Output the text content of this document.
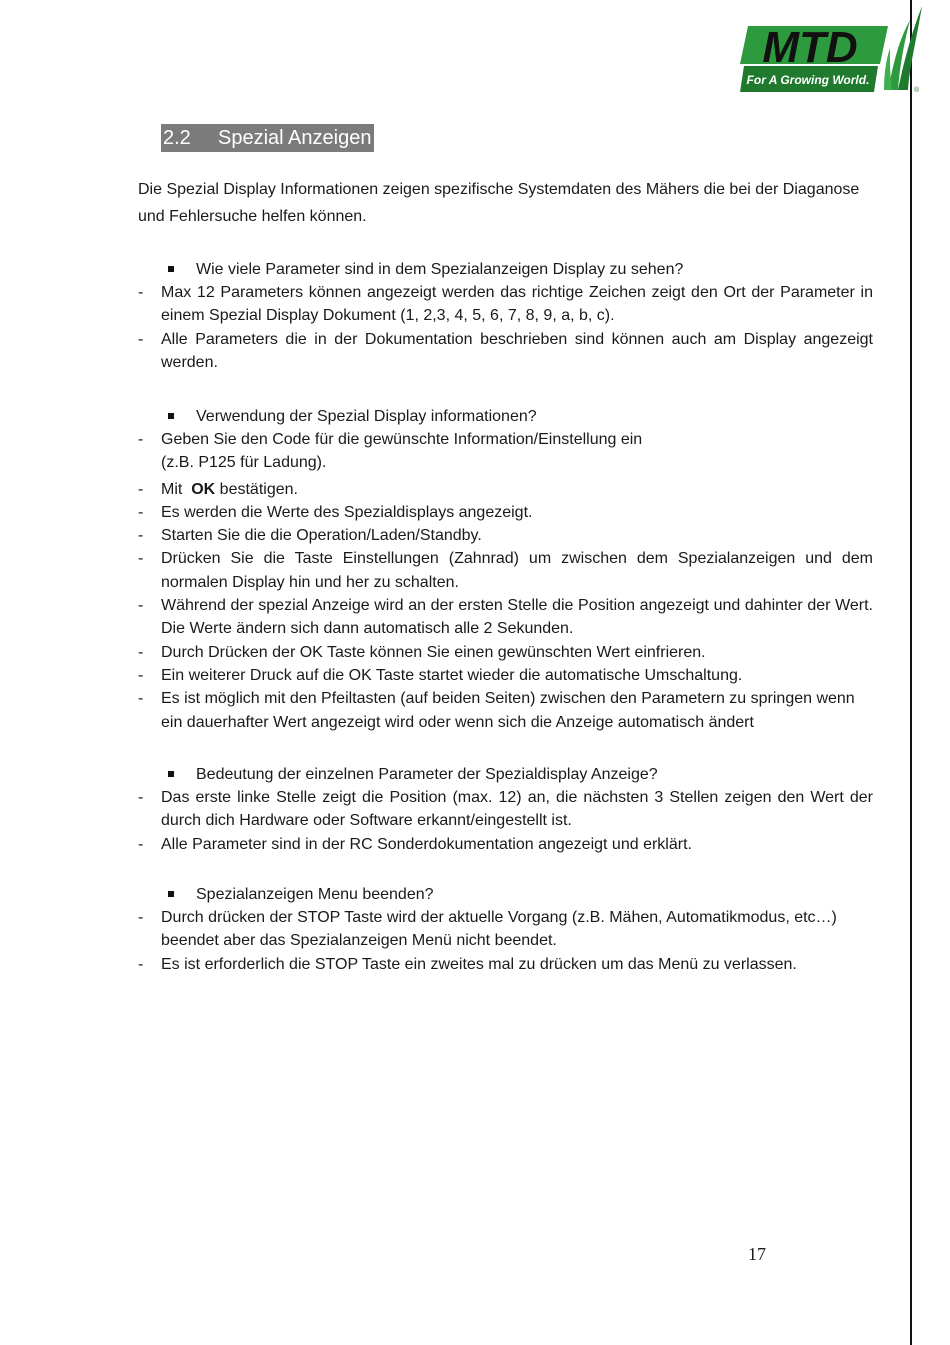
MTD
For A Growing World.
®
2.2 Spezial Anzeigen

Die Spezial Display Informationen zeigen spezifische Systemdaten des Mähers die bei der Diaganose und Fehlersuche helfen können.

Wie viele Parameter sind in dem Spezialanzeigen Display zu sehen?
- Max 12 Parameters können angezeigt werden das richtige Zeichen zeigt den Ort der Parameter in einem Spezial Display Dokument (1, 2,3, 4, 5, 6, 7, 8, 9, a, b, c).
- Alle Parameters die in der Dokumentation beschrieben sind können auch am Display angezeigt werden.
Verwendung der Spezial Display informationen?
- Geben Sie den Code für die gewünschte Information/Einstellung ein
(z.B. P125 für Ladung).
- Mit OK bestätigen.
- Es werden die Werte des Spezialdisplays angezeigt.
- Starten Sie die die Operation/Laden/Standby.
- Drücken Sie die Taste Einstellungen (Zahnrad) um zwischen dem Spezialanzeigen und dem normalen Display hin und her zu schalten.
- Während der spezial Anzeige wird an der ersten Stelle die Position angezeigt und dahinter der Wert. Die Werte ändern sich dann automatisch alle 2 Sekunden.
- Durch Drücken der OK Taste können Sie einen gewünschten Wert einfrieren.
- Ein weiterer Druck auf die OK Taste startet wieder die automatische Umschaltung.
- Es ist möglich mit den Pfeiltasten (auf beiden Seiten) zwischen den Parametern zu springen wenn ein dauerhafter Wert angezeigt wird oder wenn sich die Anzeige automatisch ändert
Bedeutung der einzelnen Parameter der Spezialdisplay Anzeige?
- Das erste linke Stelle zeigt die Position (max. 12) an, die nächsten 3 Stellen zeigen den Wert der durch dich Hardware oder Software erkannt/eingestellt ist.
- Alle Parameter sind in der RC Sonderdokumentation angezeigt und erklärt.
Spezialanzeigen Menu beenden?
- Durch drücken der STOP Taste wird der aktuelle Vorgang (z.B. Mähen, Automatikmodus, etc…) beendet aber das Spezialanzeigen Menü nicht beendet.
- Es ist erforderlich die STOP Taste ein zweites mal zu drücken um das Menü zu verlassen.
17
